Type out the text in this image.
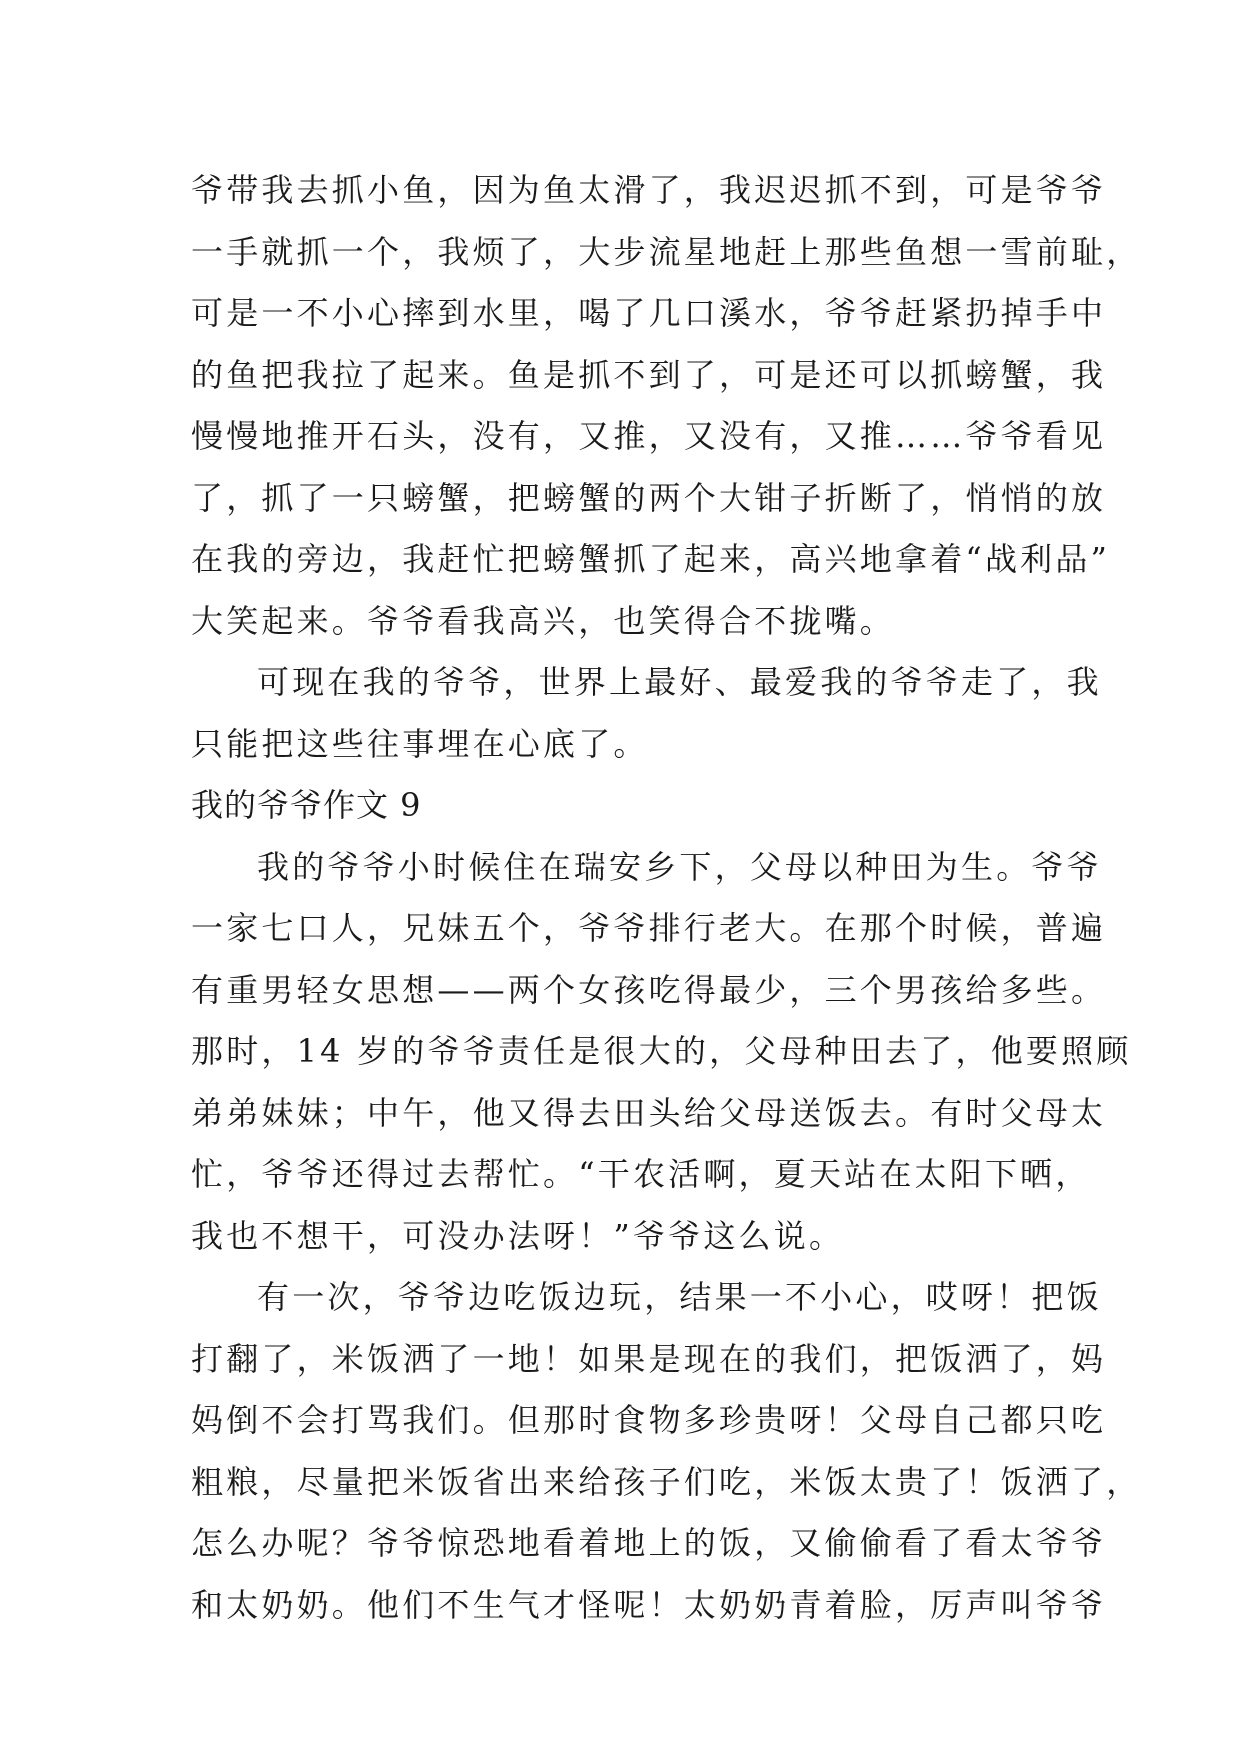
爷带我去抓小鱼，因为鱼太滑了，我迟迟抓不到，可是爷爷
一手就抓一个，我烦了，大步流星地赶上那些鱼想一雪前耻，
可是一不小心摔到水里，喝了几口溪水，爷爷赶紧扔掉手中
的鱼把我拉了起来。鱼是抓不到了，可是还可以抓螃蟹，我
慢慢地推开石头，没有，又推，又没有，又推……爷爷看见
了，抓了一只螃蟹，把螃蟹的两个大钳子折断了，悄悄的放
在我的旁边，我赶忙把螃蟹抓了起来，高兴地拿着“战利品”
大笑起来。爷爷看我高兴，也笑得合不拢嘴。
可现在我的爷爷，世界上最好、最爱我的爷爷走了，我
只能把这些往事埋在心底了。
我的爷爷作文 9
我的爷爷小时候住在瑞安乡下，父母以种田为生。爷爷
一家七口人，兄妹五个，爷爷排行老大。在那个时候，普遍
有重男轻女思想——两个女孩吃得最少，三个男孩给多些。
那时，14 岁的爷爷责任是很大的，父母种田去了，他要照顾
弟弟妹妹；中午，他又得去田头给父母送饭去。有时父母太
忙，爷爷还得过去帮忙。“干农活啊，夏天站在太阳下晒，
我也不想干，可没办法呀！”爷爷这么说。
有一次，爷爷边吃饭边玩，结果一不小心，哎呀！把饭
打翻了，米饭洒了一地！如果是现在的我们，把饭洒了，妈
妈倒不会打骂我们。但那时食物多珍贵呀！父母自己都只吃
粗粮，尽量把米饭省出来给孩子们吃，米饭太贵了！饭洒了，
怎么办呢？爷爷惊恐地看着地上的饭，又偷偷看了看太爷爷
和太奶奶。他们不生气才怪呢！太奶奶青着脸，厉声叫爷爷
